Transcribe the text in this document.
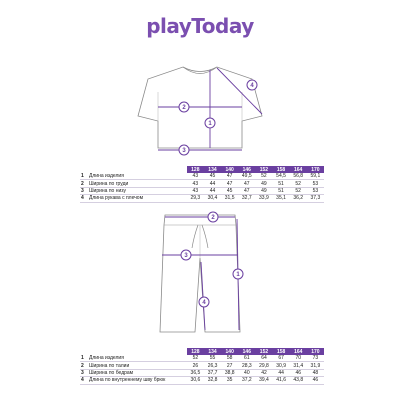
playToday
1
2
3
4
1
2
3
4
		128	134	140	146	152	158	164	170
1	Длина изделия	43	45	47	49,5	52	54,5	56,8	59,1
2	Ширина по груди	43	44	47	47	49	51	52	53
3	Ширина по низу	43	44	45	47	49	51	52	53
4	Длина рукава с плечом	29,3	30,4	31,5	32,7	33,9	35,1	36,2	37,3
		128	134	140	146	152	158	164	170
1	Длина изделия	52	55	58	61	64	67	70	73
2	Ширина по талии	26	26,3	27	28,3	29,8	30,9	31,4	31,9
3	Ширина по бедрам	36,5	37,7	38,8	40	42	44	46	48
4	Длина по внутреннему шву брюк	30,6	32,8	35	37,2	39,4	41,6	43,8	46
